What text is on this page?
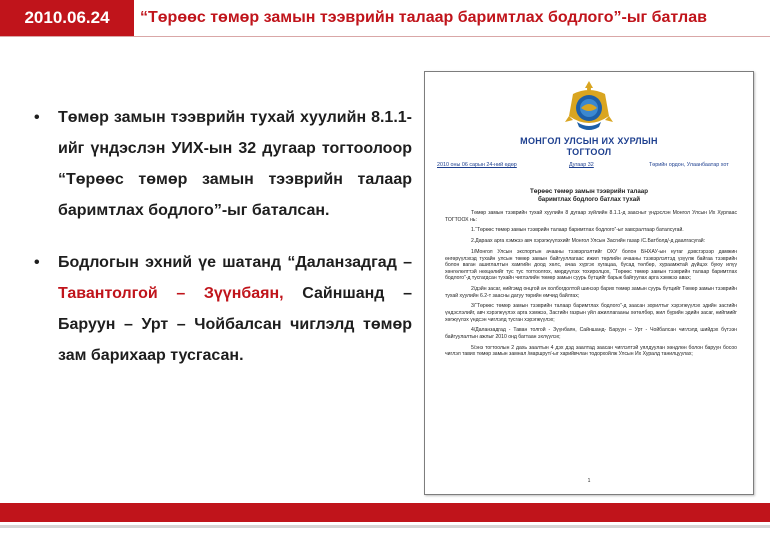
2010.06.24	“Төрөөс төмөр замын тээврийн талаар баримтлах бодлого”-ыг батлав
• Төмөр замын тээврийн тухай хуулийн 8.1.1-ийг үндэслэн УИХ-ын 32 дугаар тогтоолоор “Төрөөс төмөр замын тээврийн талаар баримтлах бодлого”-ыг баталсан.
• Бодлогын эхний үе шатанд “Даланзадгад – Тавантолгой – Зүүнбаян, Сайншанд – Баруун – Урт – Чойбалсан чиглэлд төмөр зам барихаар тусгасан.
МОНГОЛ УЛСЫН ИХ ХУРЛЫН
ТОГТООЛ
2010 оны 06 сарын 24-ний өдөр	Дугаар 32	Төрийн ордон, Улаанбаатар хот
Төрөөс төмөр замын тээврийн талаар
баримтлах бодлого батлах тухай

Төмөр замын тээврийн тухай хуулийн 8 дугаар зүйлийн 8.1.1-д заасныг үндэслэн Монгол Улсын Их Хурлаас ТОГТООХ нь:

1.“Төрөөс төмөр замын тээврийн талаар баримтлах бодлого”-ыг хавсралтаар баталсугай.

2.Дараах арга хэмжээ авч хэрэгжүүлэхийг Монгол Улсын Засгийн газар /С.Батболд/-д даалгасугай:

1/Монгол Улсын экспортын ачааны тээвэрлэлтийг ОХУ болон БНХАУ-ын нутаг дэвсгэрээр дамжин өнгөрүүлэхэд тухайн улсын төмөр замын байгууллагаас ижил төрлийн ачааны тээвэрлэлтэд үзүүлж байгаа тээврийн болон ваган ашиглалтын хамгийн доод хөлс, ачаа хүргэх хугацаа, бусад төлбөр, хураамжтай дүйцэх буюу илүү хөнгөлөлттэй нөхцөлийг тус тус тогтоолгох, мөрдүүлэх тохиролцох, “Төрөөс төмөр замын тээврийн талаар баримтлах бодлого”-д тусгагдсан тухайн чиглэлийн төмөр замын суурь бүтцийг барьж байгуулах арга хэмжээ авах;

2/дэйн засаг, нийгэмд онцгой ач холбогдолтой шинээр барих төмөр замын суурь бүтцийг Төмөр замын тээврийн тухай хуулийн 6.2-т заасны дагуу төрийн өмчид байлгах;

3/“Төрөөс төмөр замын тээврийн талаар баримтлах бодлого”-д заасан зорилтыг хэрэгжүүлэх эдийн засгийн үндэслэлийг, авч хэрэгжүүлэх арга хэмжээ, Засгийн газрын үйл ажиллагааны хөтөлбөр, жил бүрийн эдийн засаг, нийгмийг хөгжүүлэх үндсэн чиглэлд тусган хэрэгжүүлэх;

4/Даланзадгад - Таван толгой - Зүүнбаян, Сайншанд- Баруун – Урт - Чойбалсан чиглэлд шийдэх бүтээн байгуулалтын ажлыг 2010 онд багтаан эхлүүлэх;

5/энэ тогтоолын 2 дахь заалтын 4 дэх дэд заалтад заасан чиглэлтэй уялдуулан хөндлөн болон баруун босоо чиглэл тавих төмөр замын замнал /маршрут/-ыг харийвчлан тодорхойлж Улсын Их Хуралд танилцуулах;

1
